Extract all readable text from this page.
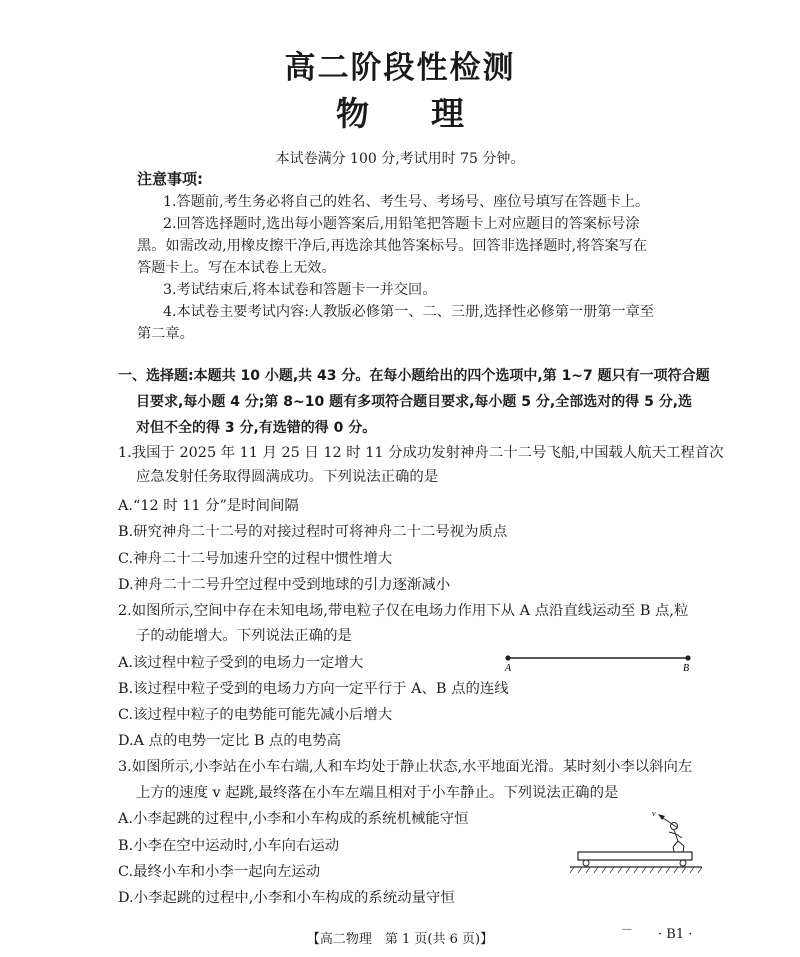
高二阶段性检测
物 理
本试卷满分 100 分,考试用时 75 分钟。
注意事项:
1.答题前,考生务必将自己的姓名、考生号、考场号、座位号填写在答题卡上。
2.回答选择题时,选出每小题答案后,用铅笔把答题卡上对应题目的答案标号涂
黑。如需改动,用橡皮擦干净后,再选涂其他答案标号。回答非选择题时,将答案写在
答题卡上。写在本试卷上无效。
3.考试结束后,将本试卷和答题卡一并交回。
4.本试卷主要考试内容:人教版必修第一、二、三册,选择性必修第一册第一章至
第二章。
一、选择题:本题共 10 小题,共 43 分。在每小题给出的四个选项中,第 1~7 题只有一项符合题
目要求,每小题 4 分;第 8~10 题有多项符合题目要求,每小题 5 分,全部选对的得 5 分,选
对但不全的得 3 分,有选错的得 0 分。
1.我国于 2025 年 11 月 25 日 12 时 11 分成功发射神舟二十二号飞船,中国载人航天工程首次
应急发射任务取得圆满成功。下列说法正确的是
A.“12 时 11 分”是时间间隔
B.研究神舟二十二号的对接过程时可将神舟二十二号视为质点
C.神舟二十二号加速升空的过程中惯性增大
D.神舟二十二号升空过程中受到地球的引力逐渐减小
2.如图所示,空间中存在未知电场,带电粒子仅在电场力作用下从 A 点沿直线运动至 B 点,粒
子的动能增大。下列说法正确的是
A.该过程中粒子受到的电场力一定增大
B.该过程中粒子受到的电场力方向一定平行于 A、B 点的连线
C.该过程中粒子的电势能可能先减小后增大
D.A 点的电势一定比 B 点的电势高
A	B
3.如图所示,小李站在小车右端,人和车均处于静止状态,水平地面光滑。某时刻小李以斜向左
上方的速度 v 起跳,最终落在小车左端且相对于小车静止。下列说法正确的是
A.小李起跳的过程中,小李和小车构成的系统机械能守恒
B.小李在空中运动时,小车向右运动
C.最终小车和小李一起向左运动
D.小李起跳的过程中,小李和小车构成的系统动量守恒
v
【高二物理　第 1 页(共 6 页)】
— · B1 ·
